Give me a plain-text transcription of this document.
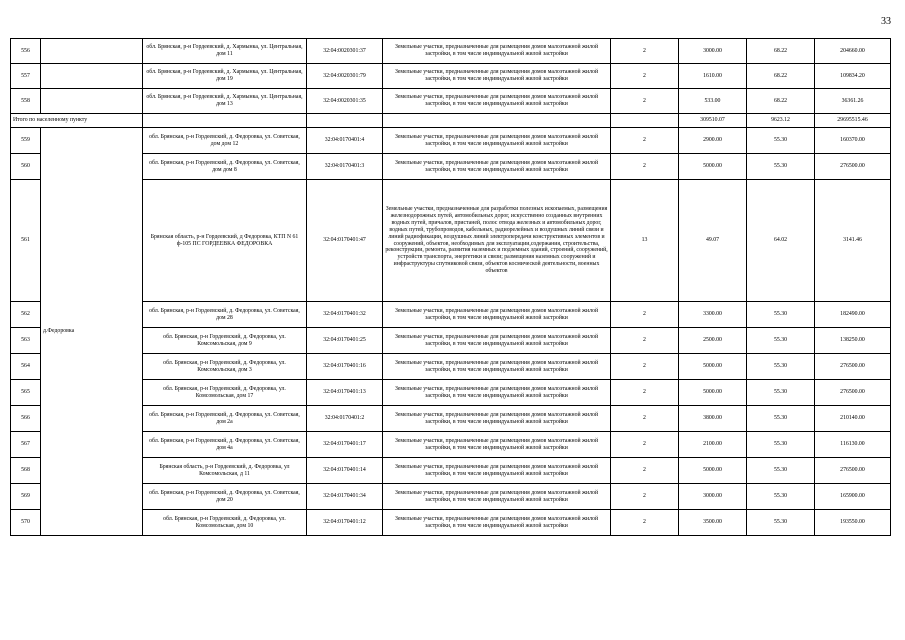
33
556		обл. Брянская, р-н Гордеевский, д. Хармынка, ул. Центральная, дом 11	32:04:0020301:37	Земельные участки, предназначенные для размещения домов малоэтажной жилой застройки, в том числе индивидуальной жилой застройки	2	3000.00	68.22	204660.00
557		обл. Брянская, р-н Гордеевский, д. Хармынка, ул. Центральная, дом 19	32:04:0020301:79	Земельные участки, предназначенные для размещения домов малоэтажной жилой застройки, в том числе индивидуальной жилой застройки	2	1610.00	68.22	109834.20
558		обл. Брянская, р-н Гордеевский, д. Хармынка, ул. Центральная, дом 13	32:04:0020301:35	Земельные участки, предназначенные для размещения домов малоэтажной жилой застройки, в том числе индивидуальной жилой застройки	2	533.00	68.22	36361.26
Итого по населенному пункту						309510.07	9623.12	29695515.46
559	д.Федоровка	обл. Брянская, р-н Гордеевский, д. Федоровка, ул. Советская, дом дом 12	32:04:0170401:4	Земельные участки, предназначенные для размещения домов малоэтажной жилой застройки, в том числе индивидуальной жилой застройки	2	2900.00	55.30	160370.00
560		обл. Брянская, р-н Гордеевский, д. Федоровка, ул. Советская, дом дом 8	32:04:0170401:3	Земельные участки, предназначенные для размещения домов малоэтажной жилой застройки, в том числе индивидуальной жилой застройки	2	5000.00	55.30	276500.00
561		Брянская область, р-н Гордеевский, д Федоровка, КТП N 61 ф-105 ПС ГОРДЕЕВКА ФЕДОРОВКА	32:04:0170401:47	Земельные участки, предназначенные для разработки полезных ископаемых, размещения железнодорожных путей, автомобильных дорог, искусственно созданных внутренних водных путей, причалов, пристаней, полос отвода железных и автомобильных дорог, водных путей, трубопроводов, кабельных, радиорелейных и воздушных линий связи и линий радиофикации, воздушных линий электропередачи конструктивных элементов и сооружений, объектов, необходимых для эксплуатации,содержания, строительства, реконструкции, ремонта, развития наземных и подземных зданий, строений, сооружений, устройств транспорта, энергетики и связи; размещения наземных сооружений и инфраструктуры спутниковой связи, объектов космической деятельности, военных объектов	13	49.07	64.02	3141.46
562		обл. Брянская, р-н Гордеевский, д. Федоровка, ул. Советская, дом 28	32:04:0170401:32	Земельные участки, предназначенные для размещения домов малоэтажной жилой застройки, в том числе индивидуальной жилой застройки	2	3300.00	55.30	182490.00
563		обл. Брянская, р-н Гордеевский, д. Федоровка, ул. Комсомольская, дом 9	32:04:0170401:25	Земельные участки, предназначенные для размещения домов малоэтажной жилой застройки, в том числе индивидуальной жилой застройки	2	2500.00	55.30	138250.00
564		обл. Брянская, р-н Гордеевский, д. Федоровка, ул. Комсомольская, дом 3	32:04:0170401:16	Земельные участки, предназначенные для размещения домов малоэтажной жилой застройки, в том числе индивидуальной жилой застройки	2	5000.00	55.30	276500.00
565		обл. Брянская, р-н Гордеевский, д. Федоровка, ул. Комсомольская, дом 17	32:04:0170401:13	Земельные участки, предназначенные для размещения домов малоэтажной жилой застройки, в том числе индивидуальной жилой застройки	2	5000.00	55.30	276500.00
566		обл. Брянская, р-н Гордеевский, д. Федоровка, ул. Советская, дом 2а	32:04:0170401:2	Земельные участки, предназначенные для размещения домов малоэтажной жилой застройки, в том числе индивидуальной жилой застройки	2	3800.00	55.30	210140.00
567		обл. Брянская, р-н Гордеевский, д. Федоровка, ул. Советская, дом 4а	32:04:0170401:17	Земельные участки, предназначенные для размещения домов малоэтажной жилой застройки, в том числе индивидуальной жилой застройки	2	2100.00	55.30	116130.00
568		Брянская область, р-н Гордеевский, д. Федоровка, ул Комсомольская, д 11	32:04:0170401:14	Земельные участки, предназначенные для размещения домов малоэтажной жилой застройки, в том числе индивидуальной жилой застройки	2	5000.00	55.30	276500.00
569		обл. Брянская, р-н Гордеевский, д. Федоровка, ул. Советская, дом 20	32:04:0170401:34	Земельные участки, предназначенные для размещения домов малоэтажной жилой застройки, в том числе индивидуальной жилой застройки	2	3000.00	55.30	165900.00
570		обл. Брянская, р-н Гордеевский, д. Федоровка, ул. Комсомольская, дом 10	32:04:0170401:12	Земельные участки, предназначенные для размещения домов малоэтажной жилой застройки, в том числе индивидуальной жилой застройки	2	3500.00	55.30	193550.00
